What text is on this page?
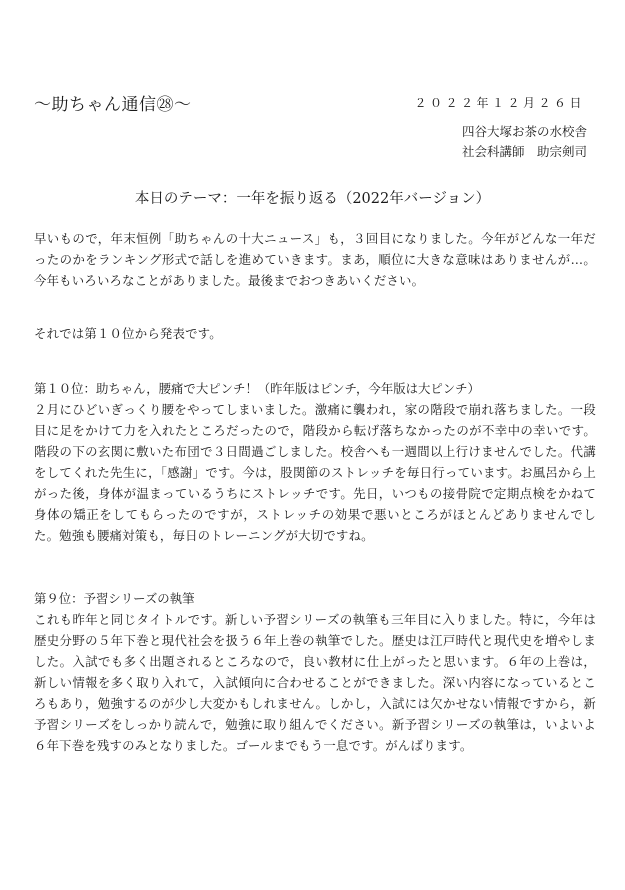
～助ちゃん通信㉘～	２０２２年１２月２６日
四谷大塚お茶の水校舎
社会科講師　助宗剣司
本日のテーマ：一年を振り返る（2022年バージョン）

早いもので，年末恒例「助ちゃんの十大ニュース」も，３回目になりました。今年がどんな一年だったのかをランキング形式で話しを進めていきます。まあ，順位に大きな意味はありませんが…。今年もいろいろなことがありました。最後までおつきあいください。

それでは第１０位から発表です。

第１０位：助ちゃん，腰痛で大ピンチ！（昨年版はピンチ，今年版は大ピンチ）

２月にひどいぎっくり腰をやってしまいました。激痛に襲われ，家の階段で崩れ落ちました。一段目に足をかけて力を入れたところだったので，階段から転げ落ちなかったのが不幸中の幸いです。階段の下の玄関に敷いた布団で３日間過ごしました。校舎へも一週間以上行けませんでした。代講をしてくれた先生に，「感謝」です。今は，股関節のストレッチを毎日行っています。お風呂から上がった後，身体が温まっているうちにストレッチです。先日，いつもの接骨院で定期点検をかねて身体の矯正をしてもらったのですが，ストレッチの効果で悪いところがほとんどありませんでした。勉強も腰痛対策も，毎日のトレーニングが大切ですね。

第９位：予習シリーズの執筆

これも昨年と同じタイトルです。新しい予習シリーズの執筆も三年目に入りました。特に，今年は歴史分野の５年下巻と現代社会を扱う６年上巻の執筆でした。歴史は江戸時代と現代史を増やしました。入試でも多く出題されるところなので，良い教材に仕上がったと思います。６年の上巻は，新しい情報を多く取り入れて，入試傾向に合わせることができました。深い内容になっているところもあり，勉強するのが少し大変かもしれません。しかし，入試には欠かせない情報ですから，新予習シリーズをしっかり読んで，勉強に取り組んでください。新予習シリーズの執筆は，いよいよ６年下巻を残すのみとなりました。ゴールまでもう一息です。がんばります。
